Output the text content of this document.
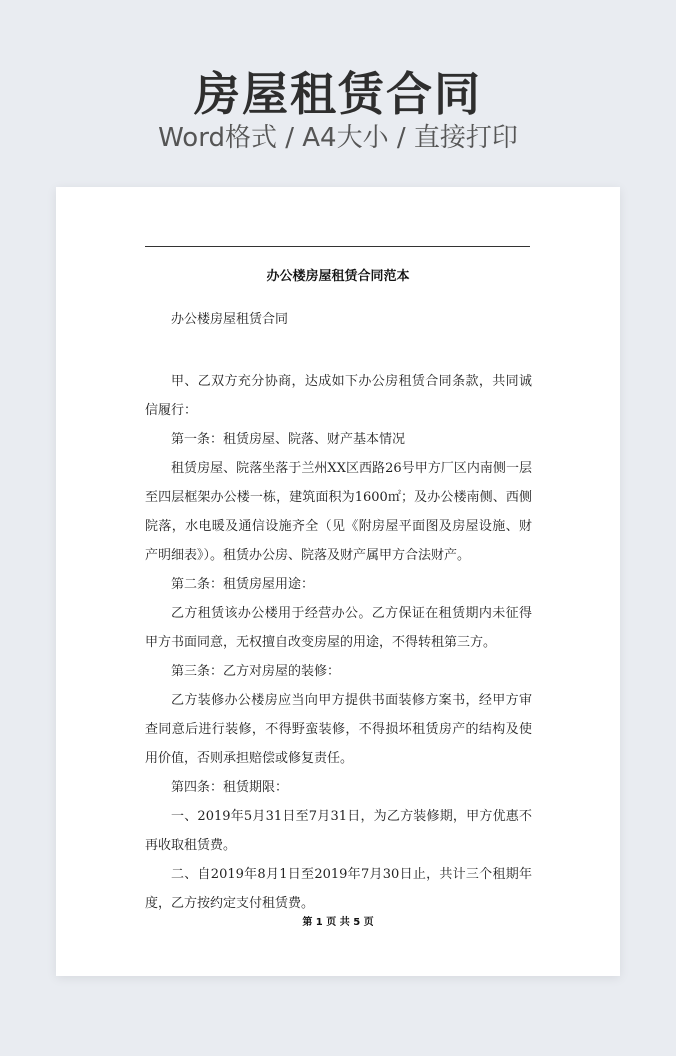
房屋租赁合同
Word格式 / A4大小 / 直接打印
办公楼房屋租赁合同范本

办公楼房屋租赁合同

甲、乙双方充分协商，达成如下办公房租赁合同条款，共同诚信履行：

第一条：租赁房屋、院落、财产基本情况

租赁房屋、院落坐落于兰州XX区西路26号甲方厂区内南侧一层至四层框架办公楼一栋，建筑面积为1600㎡；及办公楼南侧、西侧院落，水电暖及通信设施齐全（见《附房屋平面图及房屋设施、财产明细表》）。租赁办公房、院落及财产属甲方合法财产。

第二条：租赁房屋用途：

乙方租赁该办公楼用于经营办公。乙方保证在租赁期内未征得甲方书面同意，无权擅自改变房屋的用途，不得转租第三方。

第三条：乙方对房屋的装修：

乙方装修办公楼房应当向甲方提供书面装修方案书，经甲方审查同意后进行装修，不得野蛮装修，不得损坏租赁房产的结构及使用价值，否则承担赔偿或修复责任。

第四条：租赁期限：

一、2019年5月31日至7月31日，为乙方装修期，甲方优惠不再收取租赁费。

二、自2019年8月1日至2019年7月30日止，共计三个租期年度，乙方按约定支付租赁费。

第 1 页 共 5 页
